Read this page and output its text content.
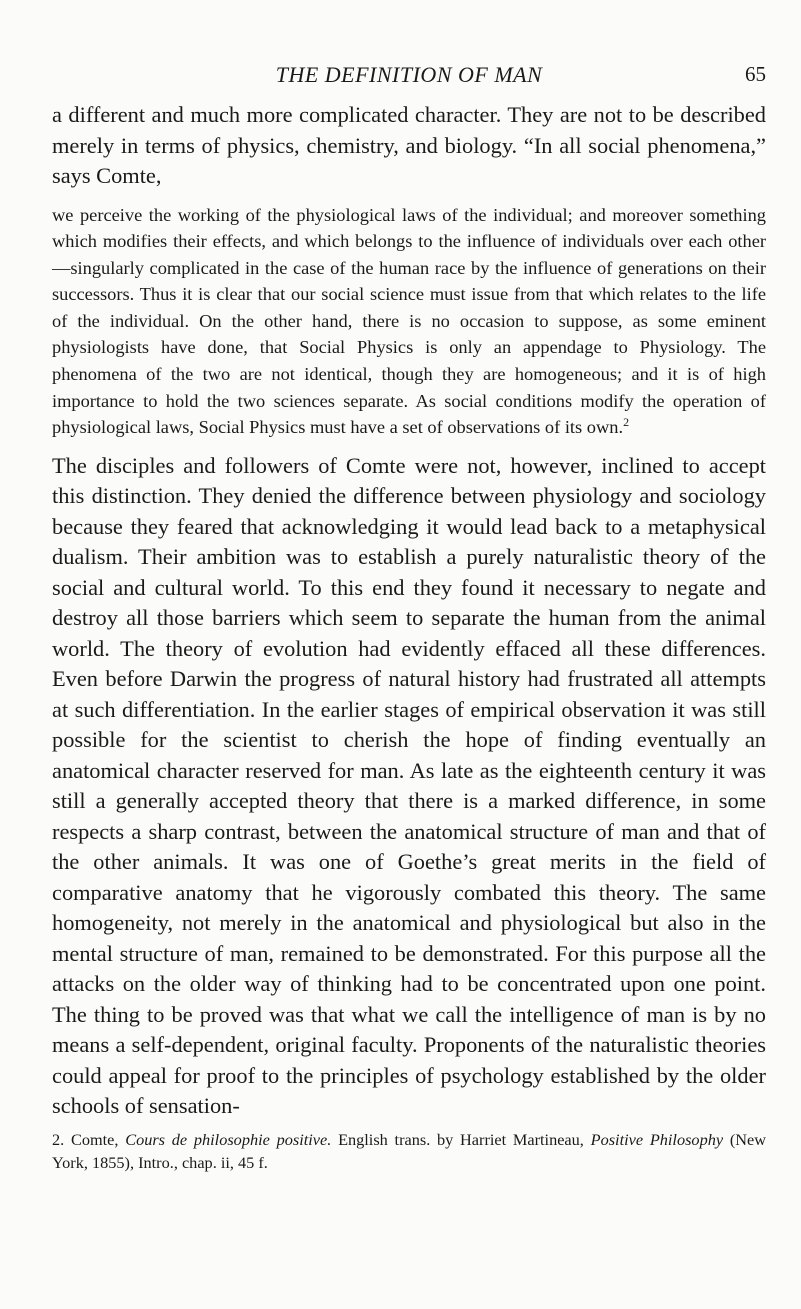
THE DEFINITION OF MAN	65

a different and much more complicated character. They are not to be described merely in terms of physics, chemistry, and biology. “In all social phenomena,” says Comte,

we perceive the working of the physiological laws of the individual; and moreover something which modifies their effects, and which belongs to the influence of individuals over each other—singularly complicated in the case of the human race by the influence of generations on their successors. Thus it is clear that our social science must issue from that which relates to the life of the individual. On the other hand, there is no occasion to suppose, as some eminent physiologists have done, that Social Physics is only an appendage to Physiology. The phenomena of the two are not identical, though they are homogeneous; and it is of high importance to hold the two sciences separate. As social conditions modify the operation of physiological laws, Social Physics must have a set of observations of its own.$^2$

The disciples and followers of Comte were not, however, inclined to accept this distinction. They denied the difference between physiology and sociology because they feared that acknowledging it would lead back to a metaphysical dualism. Their ambition was to establish a purely naturalistic theory of the social and cultural world. To this end they found it necessary to negate and destroy all those barriers which seem to separate the human from the animal world. The theory of evolution had evidently effaced all these differences. Even before Darwin the progress of natural history had frustrated all attempts at such differentiation. In the earlier stages of empirical observation it was still possible for the scientist to cherish the hope of finding eventually an anatomical character reserved for man. As late as the eighteenth century it was still a generally accepted theory that there is a marked difference, in some respects a sharp contrast, between the anatomical structure of man and that of the other animals. It was one of Goethe’s great merits in the field of comparative anatomy that he vigorously combated this theory. The same homogeneity, not merely in the anatomical and physiological but also in the mental structure of man, remained to be demonstrated. For this purpose all the attacks on the older way of thinking had to be concentrated upon one point. The thing to be proved was that what we call the intelligence of man is by no means a self-dependent, original faculty. Proponents of the naturalistic theories could appeal for proof to the principles of psychology established by the older schools of sensation-

2. Comte, Cours de philosophie positive. English trans. by Harriet Martineau, Positive Philosophy (New York, 1855), Intro., chap. ii, 45 f.
